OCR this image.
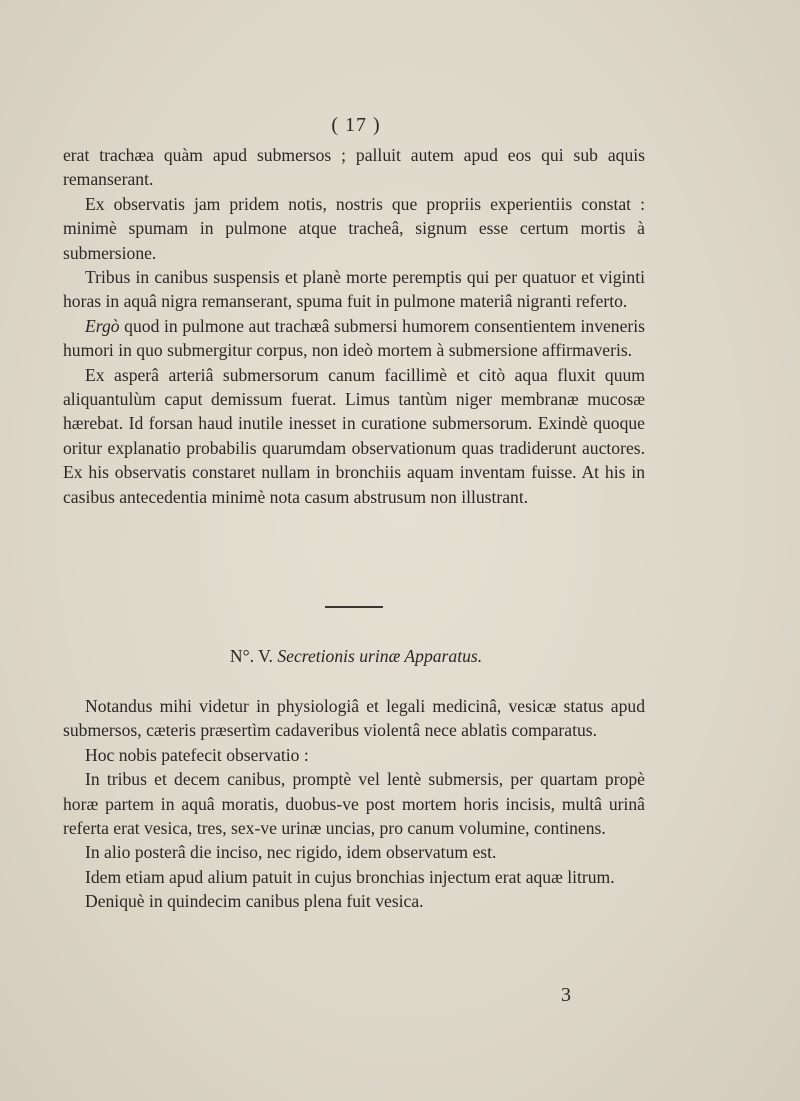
( 17 )

erat trachæa quàm apud submersos ; palluit autem apud eos qui sub aquis remanserant.

Ex observatis jam pridem notis, nostris que propriis experientiis constat : minimè spumam in pulmone atque tracheâ, signum esse certum mortis à submersione.

Tribus in canibus suspensis et planè morte peremptis qui per quatuor et viginti horas in aquâ nigra remanserant, spuma fuit in pulmone materiâ nigranti referto.

Ergò quod in pulmone aut trachæâ submersi humorem consentientem inveneris humori in quo submergitur corpus, non ideò mortem à submersione affirmaveris.

Ex asperâ arteriâ submersorum canum facillimè et citò aqua fluxit quum aliquantulùm caput demissum fuerat. Limus tantùm niger membranæ mucosæ hærebat. Id forsan haud inutile inesset in curatione submersorum. Exindè quoque oritur explanatio probabilis quarumdam observationum quas tradiderunt auctores. Ex his observatis constaret nullam in bronchiis aquam inventam fuisse. At his in casibus antecedentia minimè nota casum abstrusum non illustrant.

N°. V. Secretionis urinæ Apparatus.

Notandus mihi videtur in physiologiâ et legali medicinâ, vesicæ status apud submersos, cæteris præsertìm cadaveribus violentâ nece ablatis comparatus.

Hoc nobis patefecit observatio :

In tribus et decem canibus, promptè vel lentè submersis, per quartam propè horæ partem in aquâ moratis, duobus-ve post mortem horis incisis, multâ urinâ referta erat vesica, tres, sex-ve urinæ uncias, pro canum volumine, continens.

In alio posterâ die inciso, nec rigido, idem observatum est.

Idem etiam apud alium patuit in cujus bronchias injectum erat aquæ litrum.

Deniquè in quindecim canibus plena fuit vesica.

3
